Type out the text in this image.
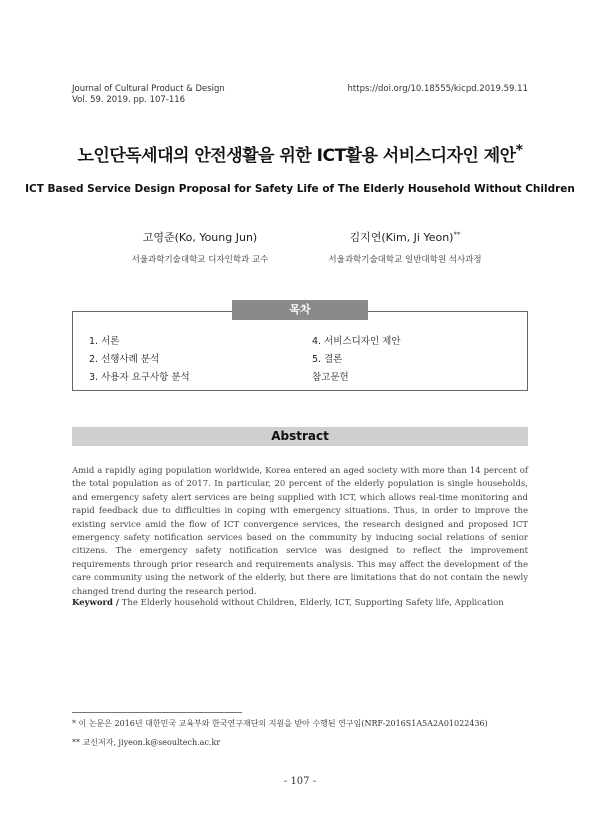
Journal of Cultural Product & Design
Vol. 59. 2019. pp. 107-116
https://doi.org/10.18555/kicpd.2019.59.11
노인단독세대의 안전생활을 위한 ICT활용 서비스디자인 제안*
ICT Based Service Design Proposal for Safety Life of The Elderly Household Without Children
고영준(Ko, Young Jun)
서울과학기술대학교 디자인학과 교수
김지연(Kim, Ji Yeon)**
서울과학기술대학교 일반대학원 석사과정
1. 서론
2. 선행사례 분석
3. 사용자 요구사항 분석
4. 서비스디자인 제안
5. 결론
참고문헌
목차
Abstract
Amid a rapidly aging population worldwide, Korea entered an aged society with more than 14 percent of the total population as of 2017. In particular, 20 percent of the elderly population is single households, and emergency safety alert services are being supplied with ICT, which allows real-time monitoring and rapid feedback due to difficulties in coping with emergency situations. Thus, in order to improve the existing service amid the flow of ICT convergence services, the research designed and proposed ICT emergency safety notification services based on the community by inducing social relations of senior citizens. The emergency safety notification service was designed to reflect the improvement requirements through prior research and requirements analysis. This may affect the development of the care community using the network of the elderly, but there are limitations that do not contain the newly changed trend during the research period.
Keyword / The Elderly household without Children, Elderly, ICT, Supporting Safety life, Application
* 이 논문은 2016년 대한민국 교육부와 한국연구재단의 지원을 받아 수행된 연구임(NRF-2016S1A5A2A01022436)
** 교신저자, jiyeon.k@seoultech.ac.kr
- 107 -
